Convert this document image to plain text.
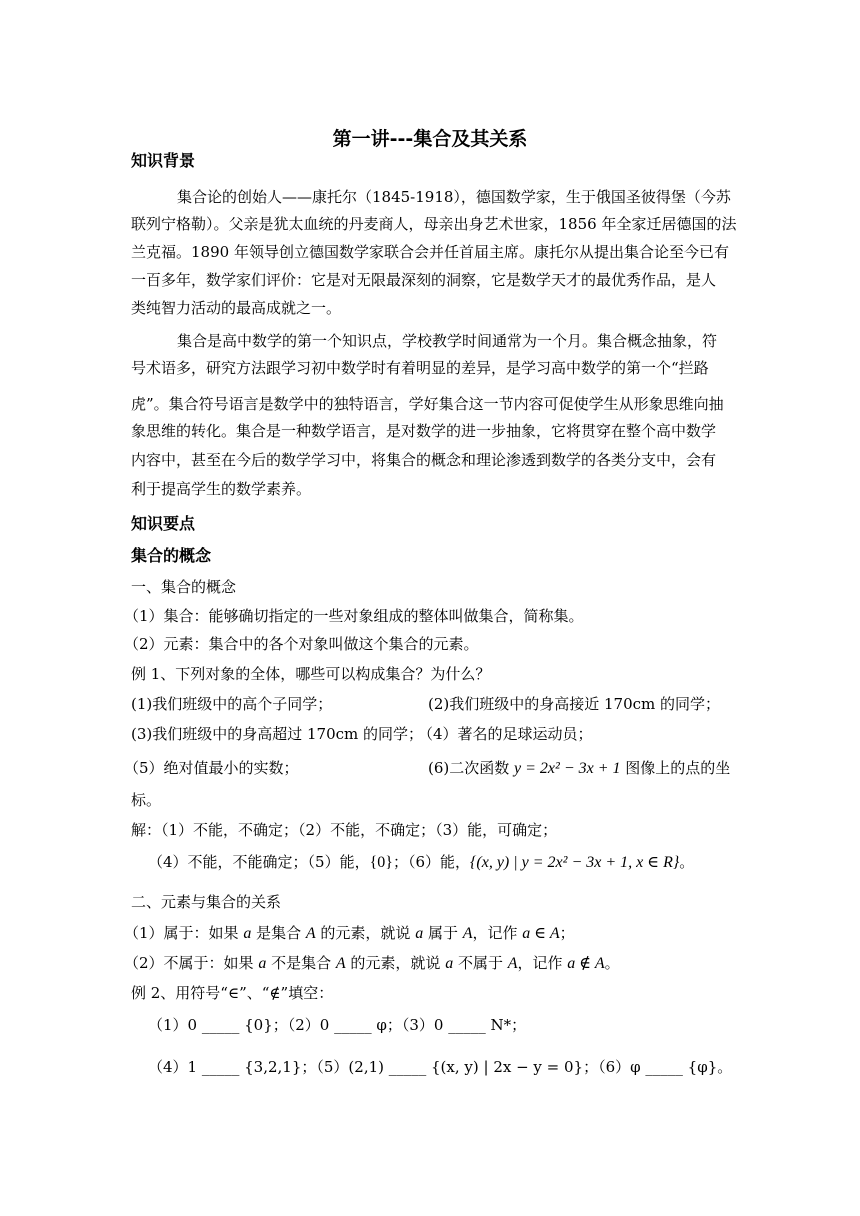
第一讲---集合及其关系
知识背景
集合论的创始人——康托尔（1845-1918），德国数学家，生于俄国圣彼得堡（今苏
联列宁格勒）。父亲是犹太血统的丹麦商人，母亲出身艺术世家，1856 年全家迁居德国的法
兰克福。1890 年领导创立德国数学家联合会并任首届主席。康托尔从提出集合论至今已有
一百多年，数学家们评价：它是对无限最深刻的洞察，它是数学天才的最优秀作品，是人
类纯智力活动的最高成就之一。
集合是高中数学的第一个知识点，学校教学时间通常为一个月。集合概念抽象，符
号术语多，研究方法跟学习初中数学时有着明显的差异，是学习高中数学的第一个“拦路
虎”。集合符号语言是数学中的独特语言，学好集合这一节内容可促使学生从形象思维向抽
象思维的转化。集合是一种数学语言，是对数学的进一步抽象，它将贯穿在整个高中数学
内容中，甚至在今后的数学学习中，将集合的概念和理论渗透到数学的各类分支中，会有
利于提高学生的数学素养。
知识要点
集合的概念
一、集合的概念
（1）集合：能够确切指定的一些对象组成的整体叫做集合，简称集。
（2）元素：集合中的各个对象叫做这个集合的元素。
例 1、下列对象的全体，哪些可以构成集合？为什么？
(1)我们班级中的高个子同学；	(2)我们班级中的身高接近 170cm 的同学；
(3)我们班级中的身高超过 170cm 的同学；
（4）著名的足球运动员；
（5）绝对值最小的实数；	(6)二次函数 y = 2x² − 3x + 1 图像上的点的坐
标。
解：（1）不能，不确定；（2）不能，不确定；（3）能，可确定；
（4）不能，不能确定；（5）能，{0}；（6）能，{(x, y) | y = 2x² − 3x + 1, x ∈ R}。
二、元素与集合的关系
（1）属于：如果 a 是集合 A 的元素，就说 a 属于 A，记作 a ∈ A；
（2）不属于：如果 a 不是集合 A 的元素，就说 a 不属于 A，记作 a ∉ A。
例 2、用符号“∈”、“∉”填空：
（1）0 _____ {0}；（2）0 _____ φ；（3）0 _____ N*；
（4）1 _____ {3,2,1}；（5）(2,1) _____ {(x, y) | 2x − y = 0}；（6）φ _____ {φ}。
